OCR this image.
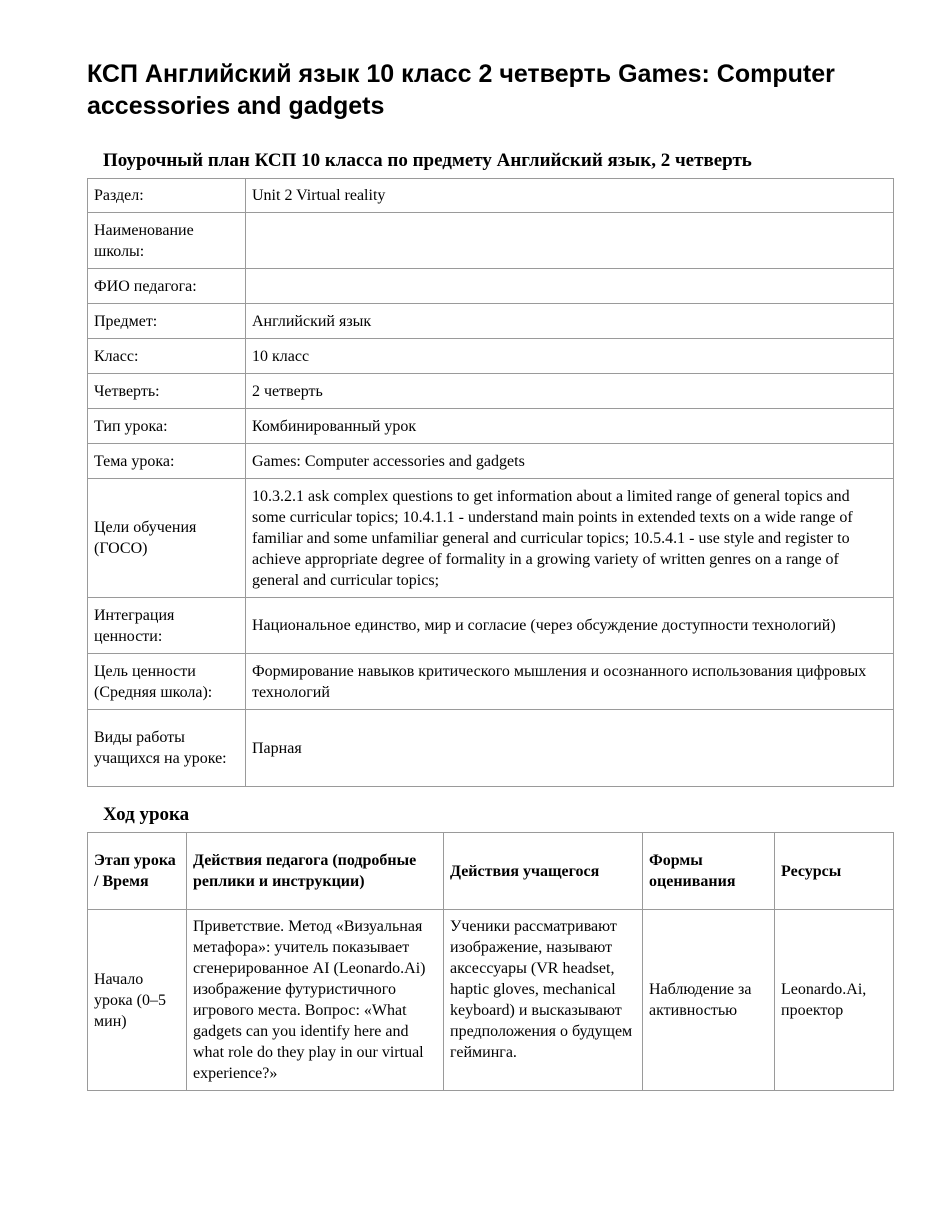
КСП Английский язык 10 класс 2 четверть Games: Computer accessories and gadgets
Поурочный план КСП 10 класса по предмету Английский язык, 2 четверть
Раздел:	Unit 2 Virtual reality
Наименование школы:	
ФИО педагога:	
Предмет:	Английский язык
Класс:	10 класс
Четверть:	2 четверть
Тип урока:	Комбинированный урок
Тема урока:	Games: Computer accessories and gadgets
Цели обучения (ГОСО)	10.3.2.1 ask complex questions to get information about a limited range of general topics and some curricular topics; 10.4.1.1 - understand main points in extended texts on a wide range of familiar and some unfamiliar general and curricular topics; 10.5.4.1 - use style and register to achieve appropriate degree of formality in a growing variety of written genres on a range of general and curricular topics;
Интеграция ценности:	Национальное единство, мир и согласие (через обсуждение доступности технологий)
Цель ценности (Средняя школа):	Формирование навыков критического мышления и осознанного использования цифровых технологий
Виды работы учащихся на уроке:	Парная
Ход урока
Этап урока / Время	Действия педагога (подробные реплики и инструкции)	Действия учащегося	Формы оценивания	Ресурсы
Начало урока (0–5 мин)	Приветствие. Метод «Визуальная метафора»: учитель показывает сгенерированное AI (Leonardo.Ai) изображение футуристичного игрового места. Вопрос: «What gadgets can you identify here and what role do they play in our virtual experience?»	Ученики рассматривают изображение, называют аксессуары (VR headset, haptic gloves, mechanical keyboard) и высказывают предположения о будущем гейминга.	Наблюдение за активностью	Leonardo.Ai, проектор
